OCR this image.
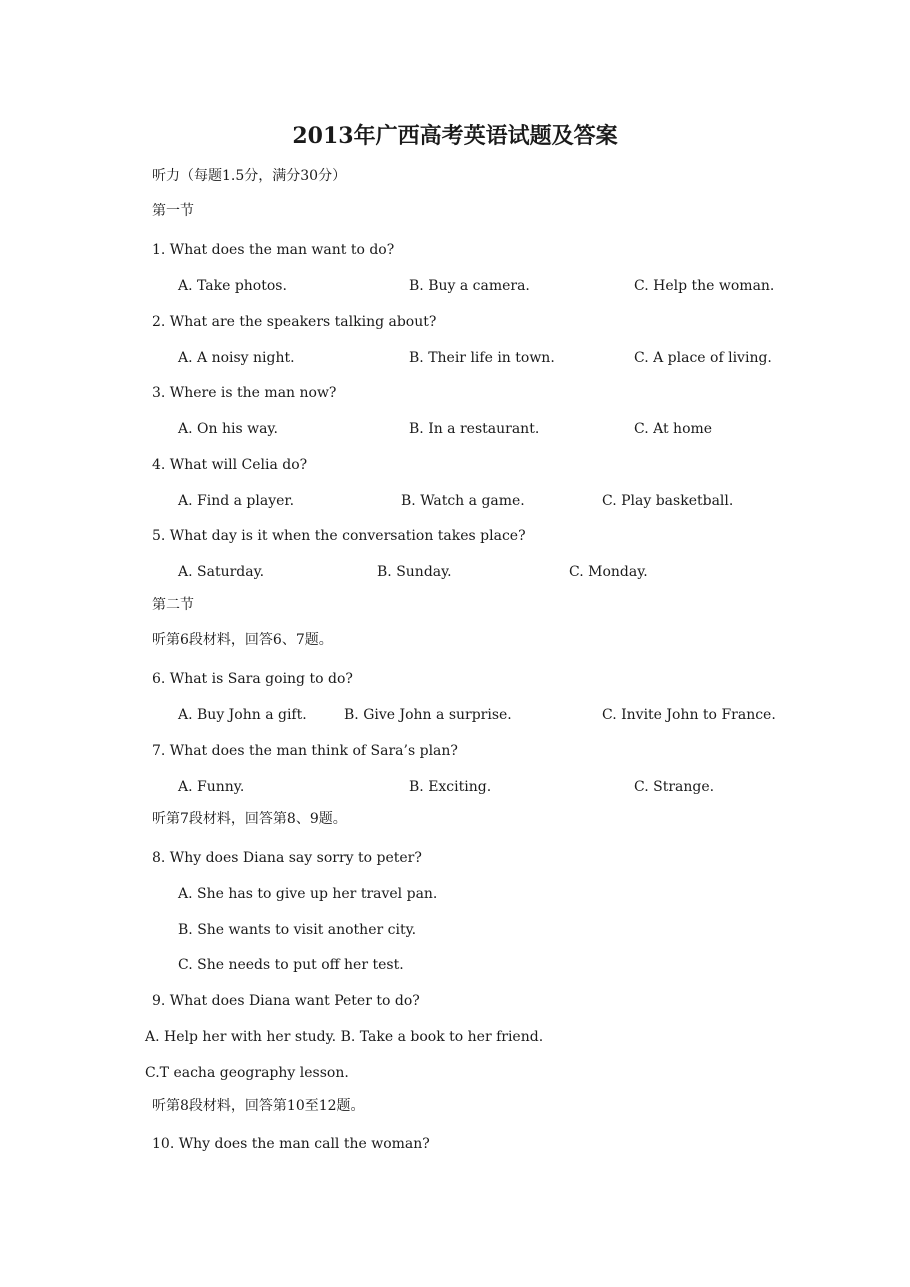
2013年广西高考英语试题及答案
听力（每题1.5分，满分30分）
第一节
1. What does the man want to do?
A. Take photos.	B. Buy a camera.	C. Help the woman.
2. What are the speakers talking about?
A. A noisy night.	B. Their life in town.	C. A place of living.
3. Where is the man now?
A. On his way.	B. In a restaurant.	C. At home
4. What will Celia do?
A. Find a player.	B. Watch a game.	C. Play basketball.
5. What day is it when the conversation takes place?
A. Saturday.	B. Sunday.	C. Monday.
第二节
听第6段材料，回答6、7题。
6. What is Sara going to do?
A. Buy John a gift.	B. Give John a surprise.	C. Invite John to France.
7. What does the man think of Sara’s plan?
A. Funny.	B. Exciting.	C. Strange.
听第7段材料，回答第8、9题。
8. Why does Diana say sorry to peter?
A. She has to give up her travel pan.
B. She wants to visit another city.
C. She needs to put off her test.
9. What does Diana want Peter to do?
A. Help her with her study. B. Take a book to her friend.
C.T eacha geography lesson.
听第8段材料，回答第10至12题。
10. Why does the man call the woman?
